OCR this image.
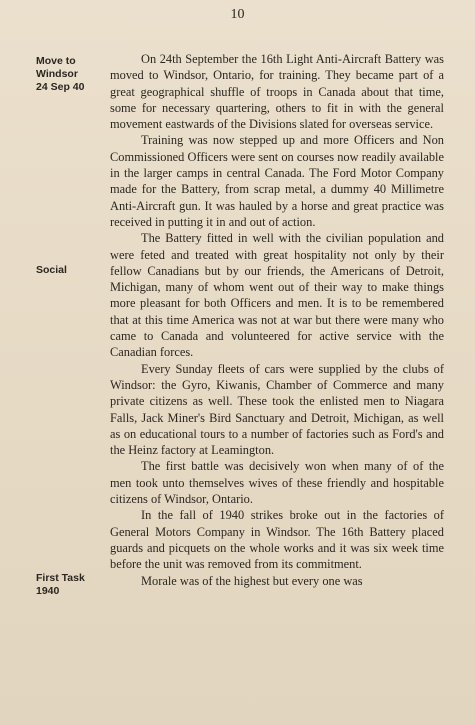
10

Move to
Windsor
24 Sep 40
Social
First Task
1940

On 24th September the 16th Light Anti-Aircraft Battery was moved to Windsor, Ontario, for training. They became part of a great geographical shuffle of troops in Canada about that time, some for necessary quartering, others to fit in with the general movement eastwards of the Divisions slated for overseas service.

Training was now stepped up and more Officers and Non Commissioned Officers were sent on courses now readily available in the larger camps in central Canada. The Ford Motor Company made for the Battery, from scrap metal, a dummy 40 Millimetre Anti-Aircraft gun. It was hauled by a horse and great practice was received in putting it in and out of action.

The Battery fitted in well with the civilian population and were feted and treated with great hospitality not only by their fellow Canadians but by our friends, the Americans of Detroit, Michigan, many of whom went out of their way to make things more pleasant for both Officers and men. It is to be remembered that at this time America was not at war but there were many who came to Canada and volunteered for active service with the Canadian forces.

Every Sunday fleets of cars were supplied by the clubs of Windsor: the Gyro, Kiwanis, Chamber of Commerce and many private citizens as well. These took the enlisted men to Niagara Falls, Jack Miner's Bird Sanctuary and Detroit, Michigan, as well as on educational tours to a number of factories such as Ford's and the Heinz factory at Leamington.

The first battle was decisively won when many of of the men took unto themselves wives of these friendly and hospitable citizens of Windsor, Ontario.

In the fall of 1940 strikes broke out in the factories of General Motors Company in Windsor. The 16th Battery placed guards and picquets on the whole works and it was six week time before the unit was removed from its commitment.

Morale was of the highest but every one was
